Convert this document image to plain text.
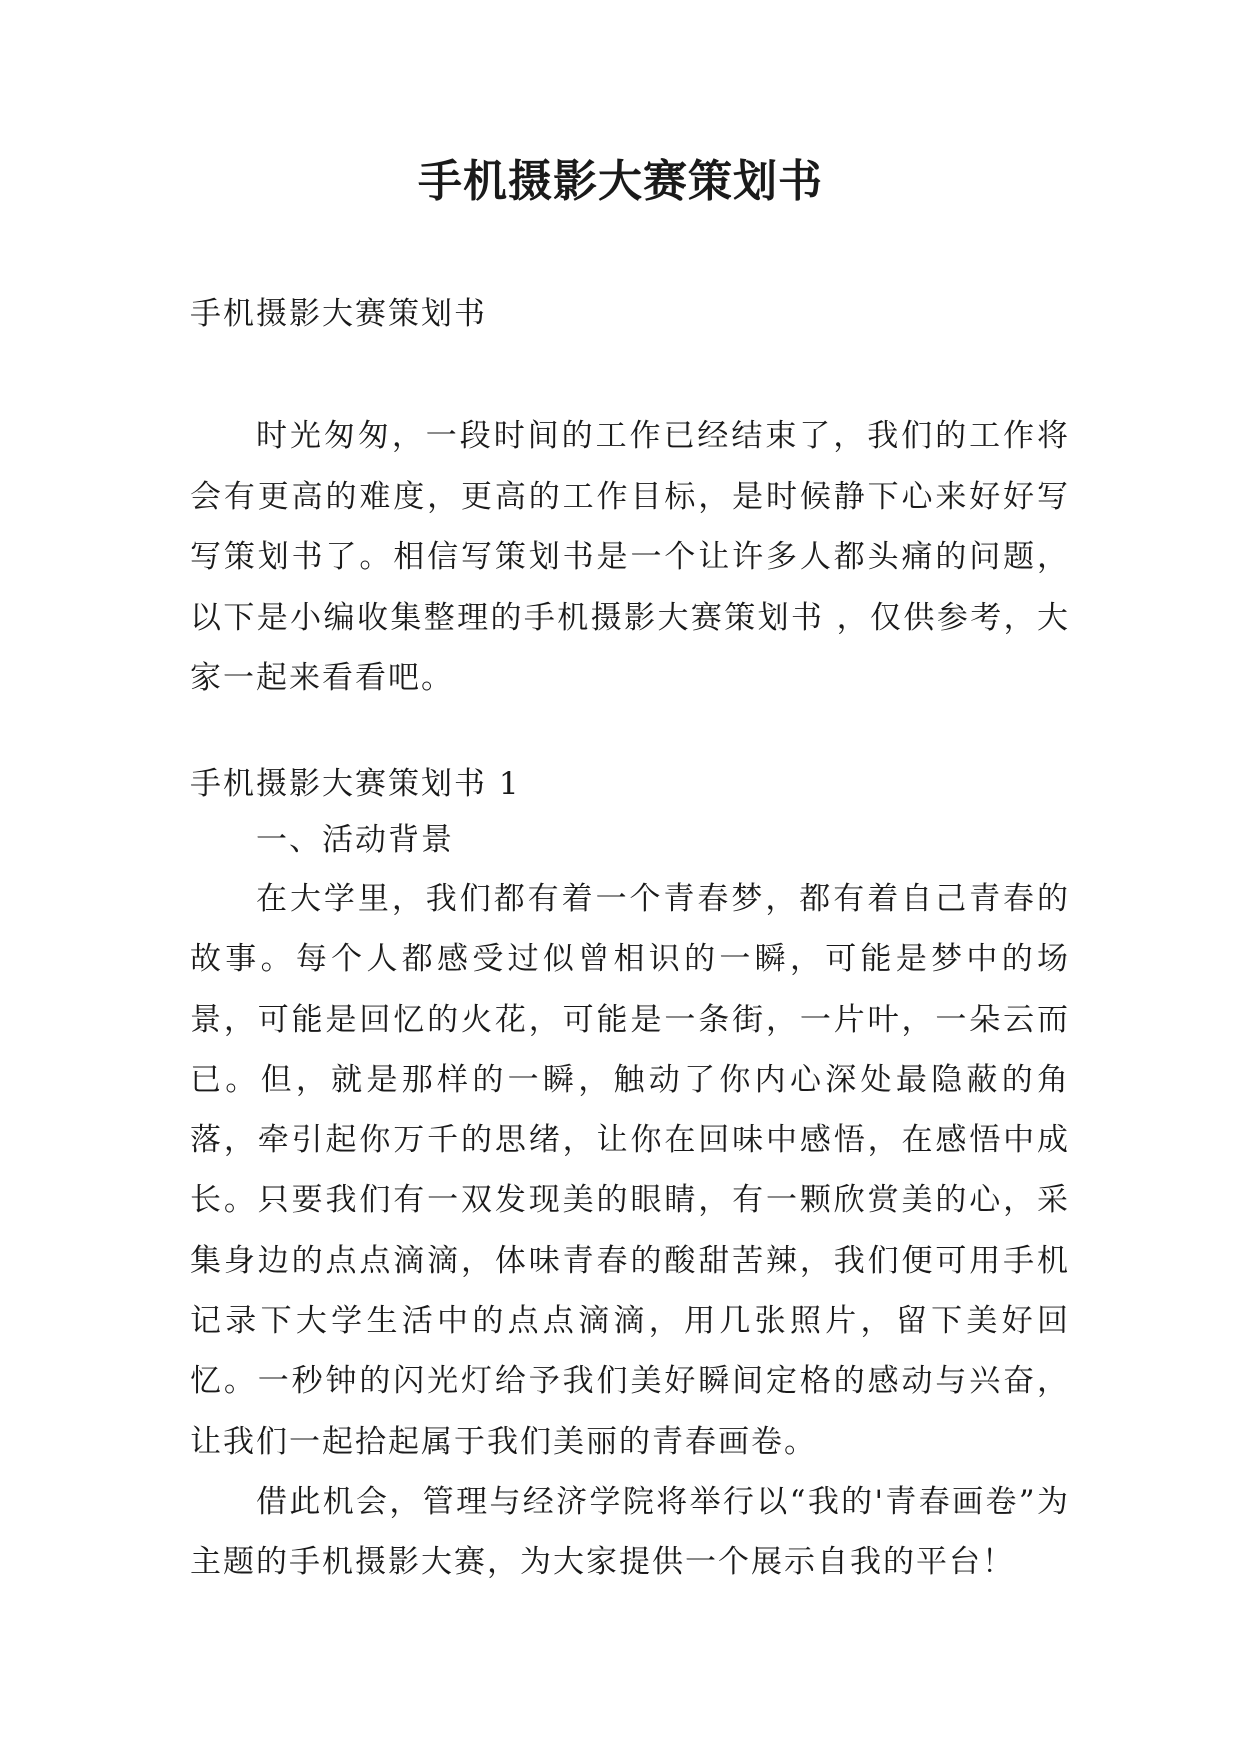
手机摄影大赛策划书
手机摄影大赛策划书
时光匆匆，一段时间的工作已经结束了，我们的工作将会有更高的难度，更高的工作目标，是时候静下心来好好写写策划书了。相信写策划书是一个让许多人都头痛的问题，以下是小编收集整理的手机摄影大赛策划书 ，仅供参考，大家一起来看看吧。
手机摄影大赛策划书 1
一、活动背景

在大学里，我们都有着一个青春梦，都有着自己青春的故事。每个人都感受过似曾相识的一瞬，可能是梦中的场景，可能是回忆的火花，可能是一条街，一片叶，一朵云而已。但，就是那样的一瞬，触动了你内心深处最隐蔽的角落，牵引起你万千的思绪，让你在回味中感悟，在感悟中成长。只要我们有一双发现美的眼睛，有一颗欣赏美的心，采集身边的点点滴滴，体味青春的酸甜苦辣，我们便可用手机记录下大学生活中的点点滴滴，用几张照片，留下美好回忆。一秒钟的闪光灯给予我们美好瞬间定格的感动与兴奋，让我们一起拾起属于我们美丽的青春画卷。

借此机会，管理与经济学院将举行以“我的'青春画卷”为主题的手机摄影大赛，为大家提供一个展示自我的平台！
